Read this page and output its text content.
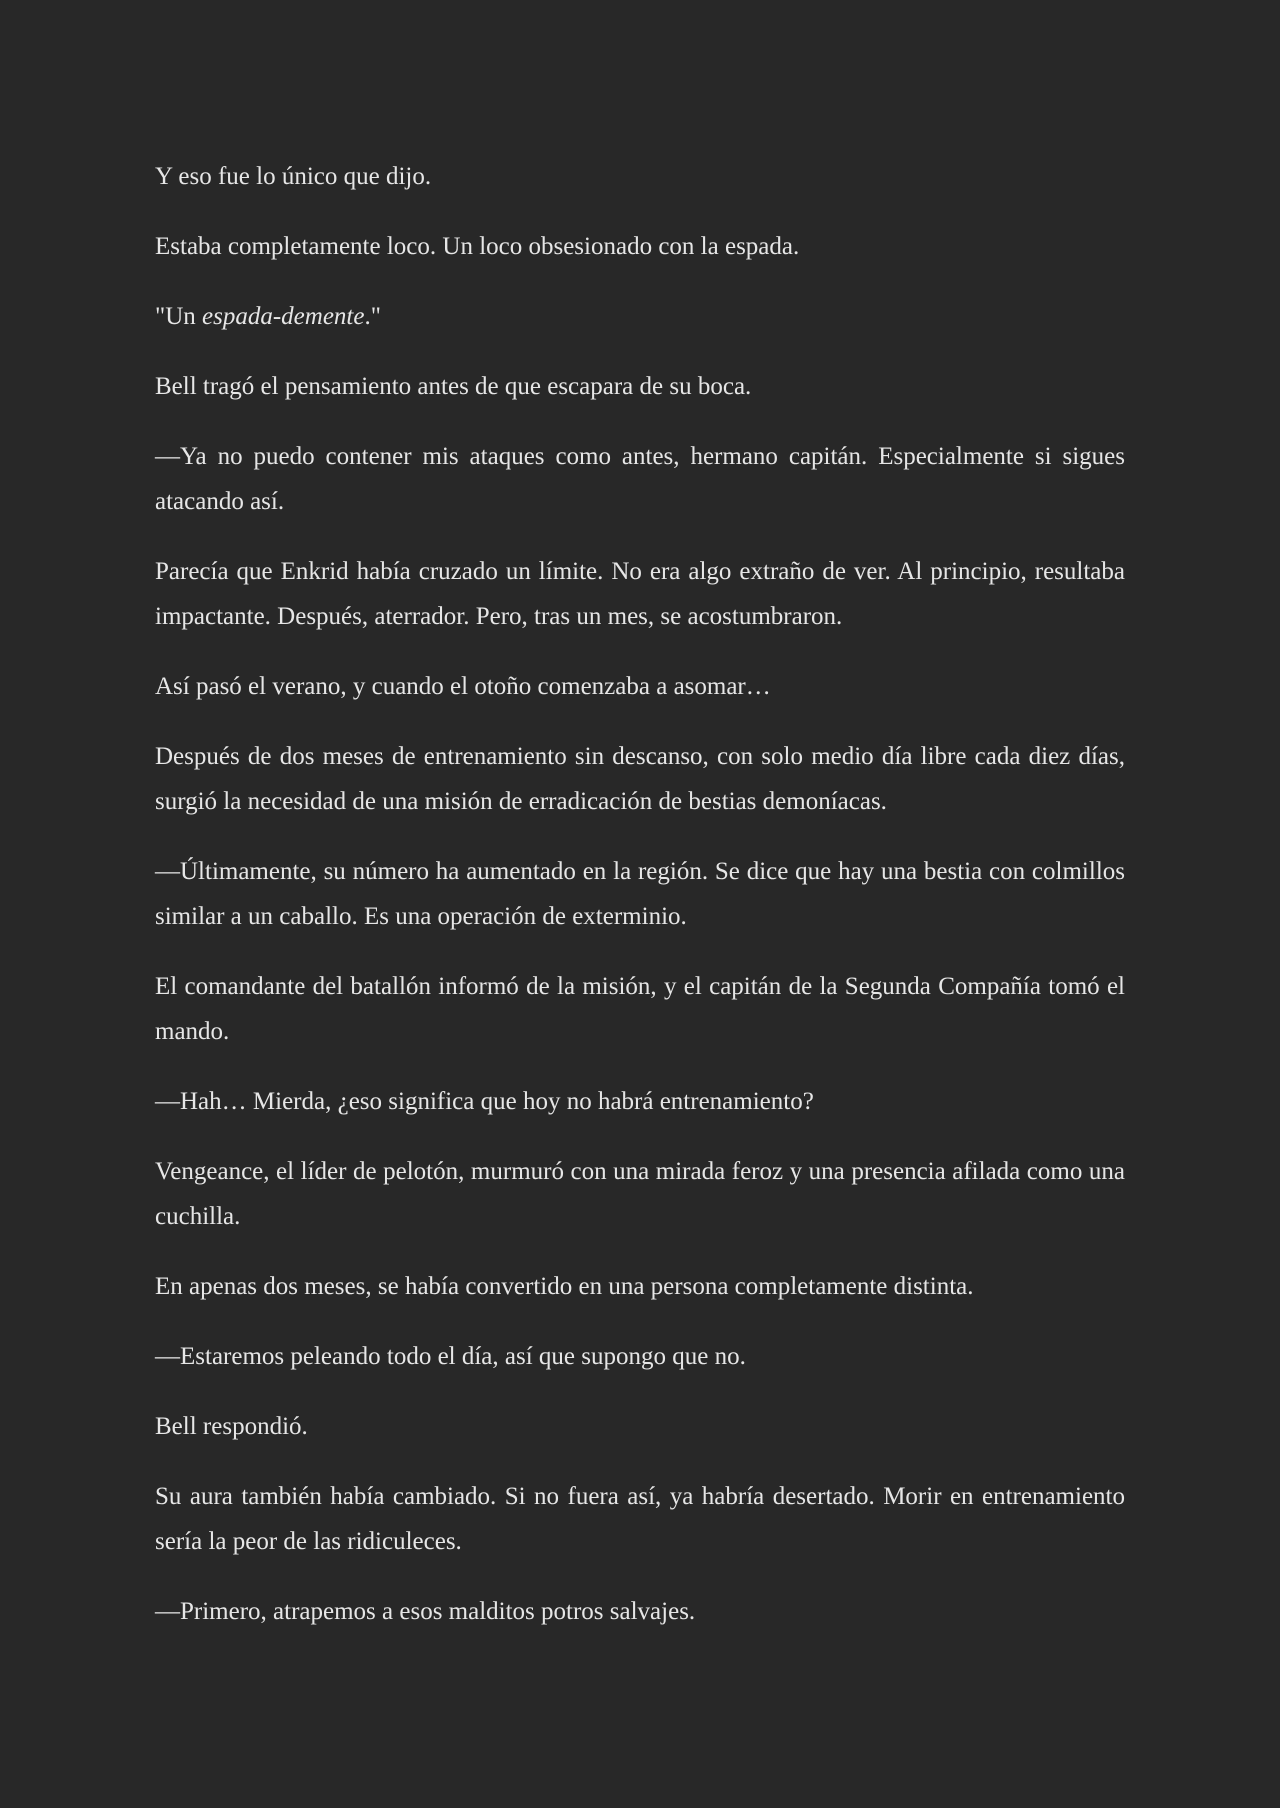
Y eso fue lo único que dijo.

Estaba completamente loco. Un loco obsesionado con la espada.

"Un espada-demente."

Bell tragó el pensamiento antes de que escapara de su boca.

—Ya no puedo contener mis ataques como antes, hermano capitán. Especialmente si sigues atacando así.

Parecía que Enkrid había cruzado un límite. No era algo extraño de ver. Al principio, resultaba impactante. Después, aterrador. Pero, tras un mes, se acostumbraron.

Así pasó el verano, y cuando el otoño comenzaba a asomar…

Después de dos meses de entrenamiento sin descanso, con solo medio día libre cada diez días, surgió la necesidad de una misión de erradicación de bestias demoníacas.

—Últimamente, su número ha aumentado en la región. Se dice que hay una bestia con colmillos similar a un caballo. Es una operación de exterminio.

El comandante del batallón informó de la misión, y el capitán de la Segunda Compañía tomó el mando.

—Hah… Mierda, ¿eso significa que hoy no habrá entrenamiento?

Vengeance, el líder de pelotón, murmuró con una mirada feroz y una presencia afilada como una cuchilla.

En apenas dos meses, se había convertido en una persona completamente distinta.

—Estaremos peleando todo el día, así que supongo que no.

Bell respondió.

Su aura también había cambiado. Si no fuera así, ya habría desertado. Morir en entrenamiento sería la peor de las ridiculeces.

—Primero, atrapemos a esos malditos potros salvajes.
